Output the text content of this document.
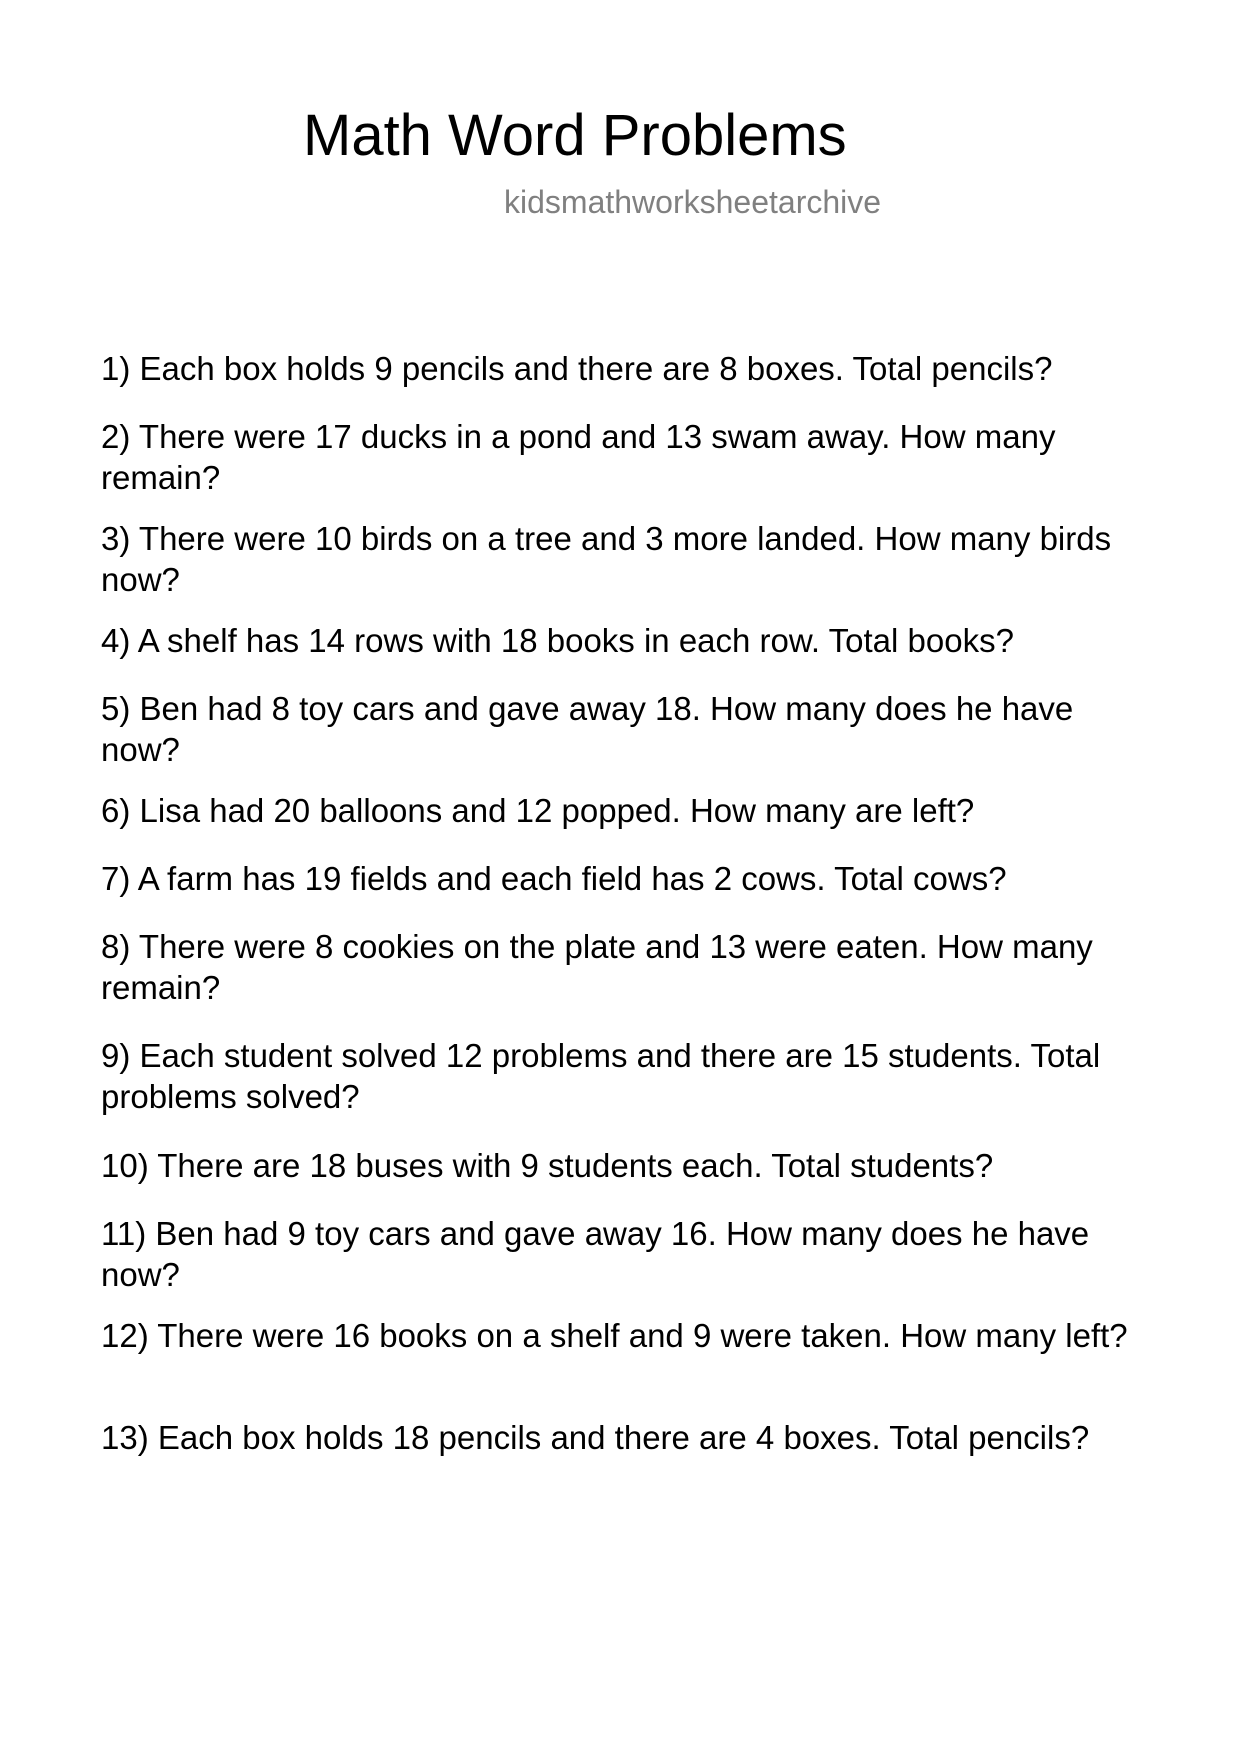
Math Word Problems
kidsmathworksheetarchive

1) Each box holds 9 pencils and there are 8 boxes. Total pencils?

2) There were 17 ducks in a pond and 13 swam away. How many remain?

3) There were 10 birds on a tree and 3 more landed. How many birds now?

4) A shelf has 14 rows with 18 books in each row. Total books?

5) Ben had 8 toy cars and gave away 18. How many does he have now?

6) Lisa had 20 balloons and 12 popped. How many are left?

7) A farm has 19 fields and each field has 2 cows. Total cows?

8) There were 8 cookies on the plate and 13 were eaten. How many remain?

9) Each student solved 12 problems and there are 15 students. Total problems solved?

10) There are 18 buses with 9 students each. Total students?

11) Ben had 9 toy cars and gave away 16. How many does he have now?

12) There were 16 books on a shelf and 9 were taken. How many left?

13) Each box holds 18 pencils and there are 4 boxes. Total pencils?
